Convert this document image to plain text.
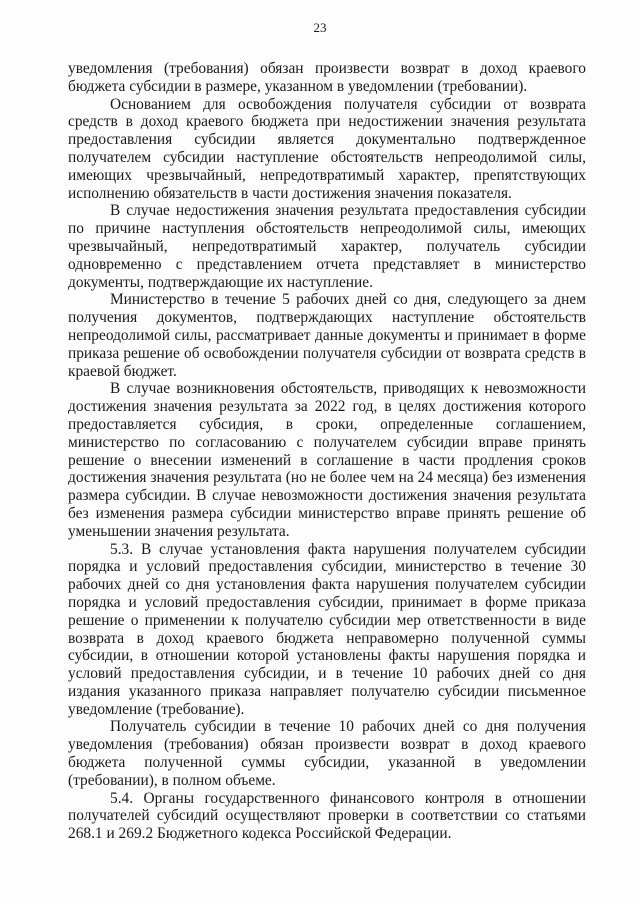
23

уведомления (требования) обязан произвести возврат в доход краевого бюджета субсидии в размере, указанном в уведомлении (требовании).

Основанием для освобождения получателя субсидии от возврата средств в доход краевого бюджета при недостижении значения результата предоставления субсидии является документально подтвержденное получателем субсидии наступление обстоятельств непреодолимой силы, имеющих чрезвычайный, непредотвратимый характер, препятствующих исполнению обязательств в части достижения значения показателя.

В случае недостижения значения результата предоставления субсидии по причине наступления обстоятельств непреодолимой силы, имеющих чрезвычайный, непредотвратимый характер, получатель субсидии одновременно с представлением отчета представляет в министерство документы, подтверждающие их наступление.

Министерство в течение 5 рабочих дней со дня, следующего за днем получения документов, подтверждающих наступление обстоятельств непреодолимой силы, рассматривает данные документы и принимает в форме приказа решение об освобождении получателя субсидии от возврата средств в краевой бюджет.

В случае возникновения обстоятельств, приводящих к невозможности достижения значения результата за 2022 год, в целях достижения которого предоставляется субсидия, в сроки, определенные соглашением, министерство по согласованию с получателем субсидии вправе принять решение о внесении изменений в соглашение в части продления сроков достижения значения результата (но не более чем на 24 месяца) без изменения размера субсидии. В случае невозможности достижения значения результата без изменения размера субсидии министерство вправе принять решение об уменьшении значения результата.

5.3. В случае установления факта нарушения получателем субсидии порядка и условий предоставления субсидии, министерство в течение 30 рабочих дней со дня установления факта нарушения получателем субсидии порядка и условий предоставления субсидии, принимает в форме приказа решение о применении к получателю субсидии мер ответственности в виде возврата в доход краевого бюджета неправомерно полученной суммы субсидии, в отношении которой установлены факты нарушения порядка и условий предоставления субсидии, и в течение 10 рабочих дней со дня издания указанного приказа направляет получателю субсидии письменное уведомление (требование).

Получатель субсидии в течение 10 рабочих дней со дня получения уведомления (требования) обязан произвести возврат в доход краевого бюджета полученной суммы субсидии, указанной в уведомлении (требовании), в полном объеме.

5.4. Органы государственного финансового контроля в отношении получателей субсидий осуществляют проверки в соответствии со статьями 268.1 и 269.2 Бюджетного кодекса Российской Федерации.
